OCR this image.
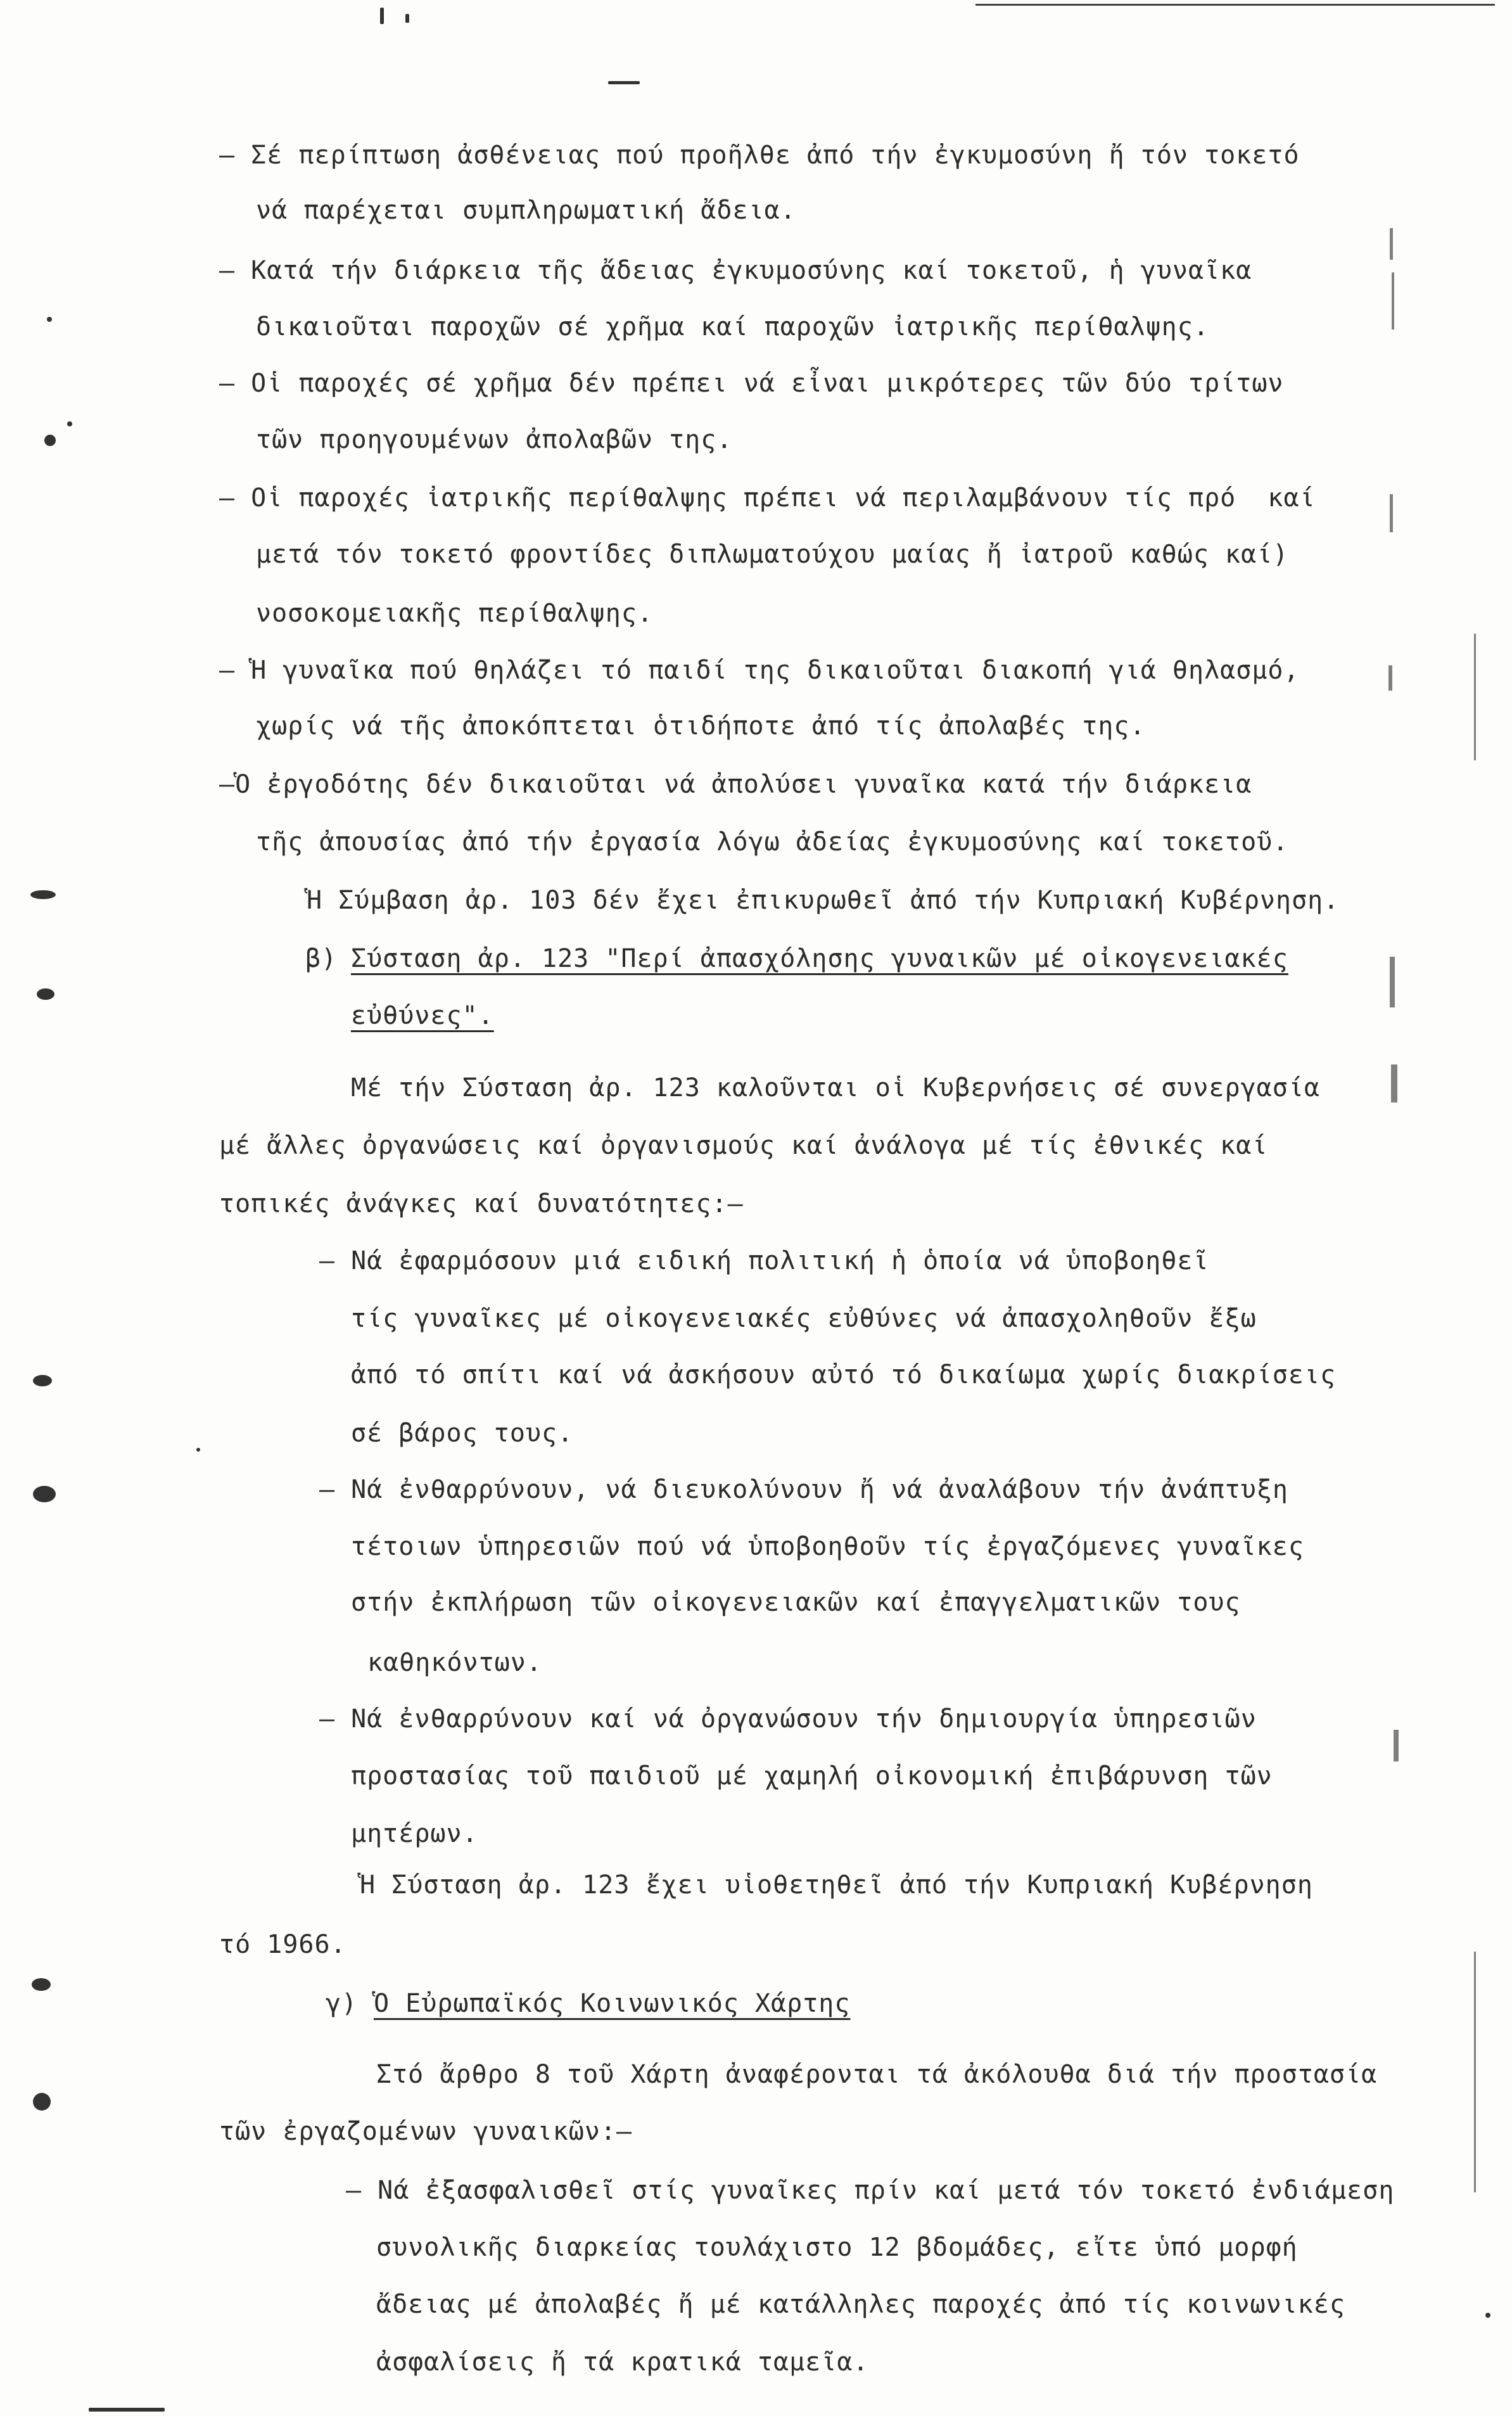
– Σέ περίπτωση ἀσθένειας πού προῆλθε ἀπό τήν ἐγκυμοσύνη ἤ τόν τοκετό
νά παρέχεται συμπληρωματική ἄδεια.
– Κατά τήν διάρκεια τῆς ἄδειας ἐγκυμοσύνης καί τοκετοῦ, ἡ γυναῖκα
δικαιοῦται παροχῶν σέ χρῆμα καί παροχῶν ἰατρικῆς περίθαλψης.
– Οἱ παροχές σέ χρῆμα δέν πρέπει νά εἶναι μικρότερες τῶν δύο τρίτων
τῶν προηγουμένων ἀπολαβῶν της.
– Οἱ παροχές ἰατρικῆς περίθαλψης πρέπει νά περιλαμβάνουν τίς πρό  καί
μετά τόν τοκετό φροντίδες διπλωματούχου μαίας ἤ ἰατροῦ καθώς καί)
νοσοκομειακῆς περίθαλψης.
– Ἡ γυναῖκα πού θηλάζει τό παιδί της δικαιοῦται διακοπή γιά θηλασμό,
χωρίς νά τῆς ἀποκόπτεται ὁτιδήποτε ἀπό τίς ἀπολαβές της.
–Ὁ ἐργοδότης δέν δικαιοῦται νά ἀπολύσει γυναῖκα κατά τήν διάρκεια
τῆς ἀπουσίας ἀπό τήν ἐργασία λόγω ἀδείας ἐγκυμοσύνης καί τοκετοῦ.
Ἡ Σύμβαση ἀρ. 103 δέν ἔχει ἐπικυρωθεῖ ἀπό τήν Κυπριακή Κυβέρνηση.
β)
Σύσταση ἀρ. 123 "Περί ἀπασχόλησης γυναικῶν μέ οἰκογενειακές
εὐθύνες".
Μέ τήν Σύσταση ἀρ. 123 καλοῦνται οἱ Κυβερνήσεις σέ συνεργασία
μέ ἄλλες ὀργανώσεις καί ὀργανισμούς καί ἀνάλογα μέ τίς ἐθνικές καί
τοπικές ἀνάγκες καί δυνατότητες:–
– Νά ἐφαρμόσουν μιά ειδική πολιτική ἡ ὁποία νά ὑποβοηθεῖ
τίς γυναῖκες μέ οἰκογενειακές εὐθύνες νά ἀπασχοληθοῦν ἔξω
ἀπό τό σπίτι καί νά ἀσκήσουν αὐτό τό δικαίωμα χωρίς διακρίσεις
σέ βάρος τους.
– Νά ἐνθαρρύνουν, νά διευκολύνουν ἤ νά ἀναλάβουν τήν ἀνάπτυξη
τέτοιων ὑπηρεσιῶν πού νά ὑποβοηθοῦν τίς ἐργαζόμενες γυναῖκες
στήν ἐκπλήρωση τῶν οἰκογενειακῶν καί ἐπαγγελματικῶν τους
καθηκόντων.
– Νά ἐνθαρρύνουν καί νά ὀργανώσουν τήν δημιουργία ὑπηρεσιῶν
προστασίας τοῦ παιδιοῦ μέ χαμηλή οἰκονομική ἐπιβάρυνση τῶν
μητέρων.
Ἡ Σύσταση ἀρ. 123 ἔχει υἱοθετηθεῖ ἀπό τήν Κυπριακή Κυβέρνηση
τό 1966.
γ) Ὁ Εὐρωπαϊκός Κοινωνικός Χάρτης
Στό ἄρθρο 8 τοῦ Χάρτη ἀναφέρονται τά ἀκόλουθα διά τήν προστασία
τῶν ἐργαζομένων γυναικῶν:–
– Νά ἐξασφαλισθεῖ στίς γυναῖκες πρίν καί μετά τόν τοκετό ἐνδιάμεση
συνολικῆς διαρκείας τουλάχιστο 12 βδομάδες, εἴτε ὑπό μορφή
ἄδειας μέ ἀπολαβές ἤ μέ κατάλληλες παροχές ἀπό τίς κοινωνικές
ἀσφαλίσεις ἤ τά κρατικά ταμεῖα.
